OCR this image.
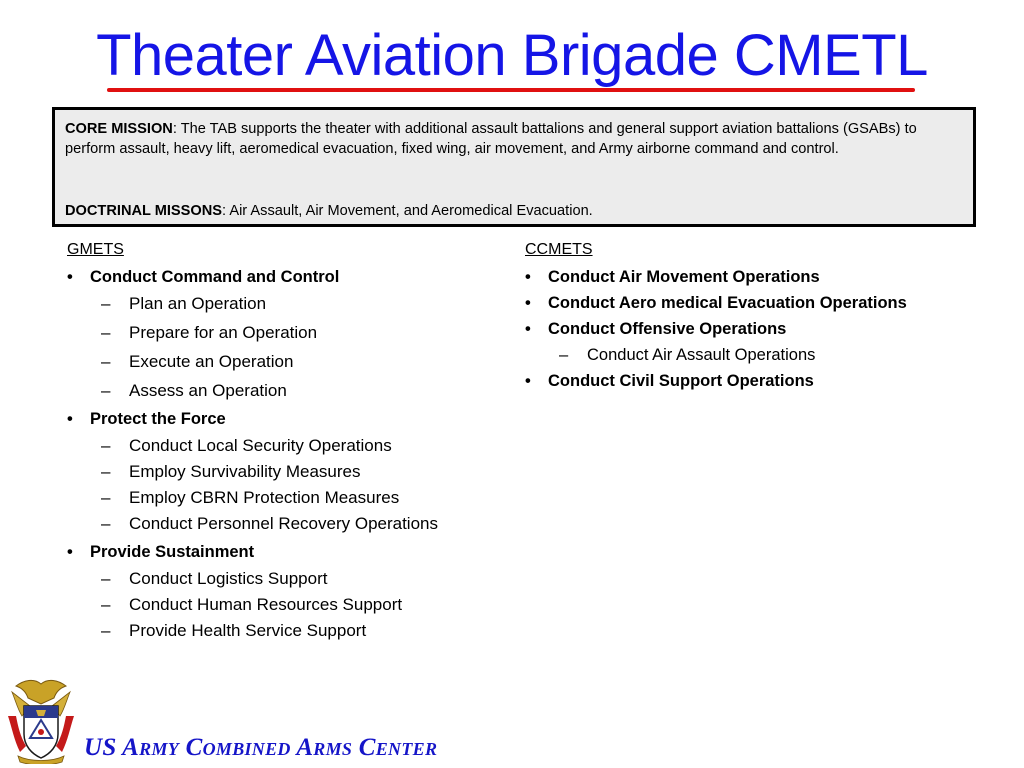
Theater Aviation Brigade CMETL

CORE MISSION: The TAB supports the theater with additional assault battalions and general support aviation battalions (GSABs) to perform assault, heavy lift, aeromedical evacuation, fixed wing, air movement, and Army airborne command and control.

DOCTRINAL MISSONS: Air Assault, Air Movement, and Aeromedical Evacuation.

GMETS

• Conduct Command and Control
– Plan an Operation
– Prepare for an Operation
– Execute an Operation
– Assess an Operation
• Protect the Force
– Conduct Local Security Operations
– Employ Survivability Measures
– Employ CBRN Protection Measures
– Conduct Personnel Recovery Operations
• Provide Sustainment
– Conduct Logistics Support
– Conduct Human Resources Support
– Provide Health Service Support

CCMETS

• Conduct Air Movement Operations
• Conduct Aero medical Evacuation Operations
• Conduct Offensive Operations
– Conduct Air Assault Operations
• Conduct Civil Support Operations
US Army Combined Arms Center
